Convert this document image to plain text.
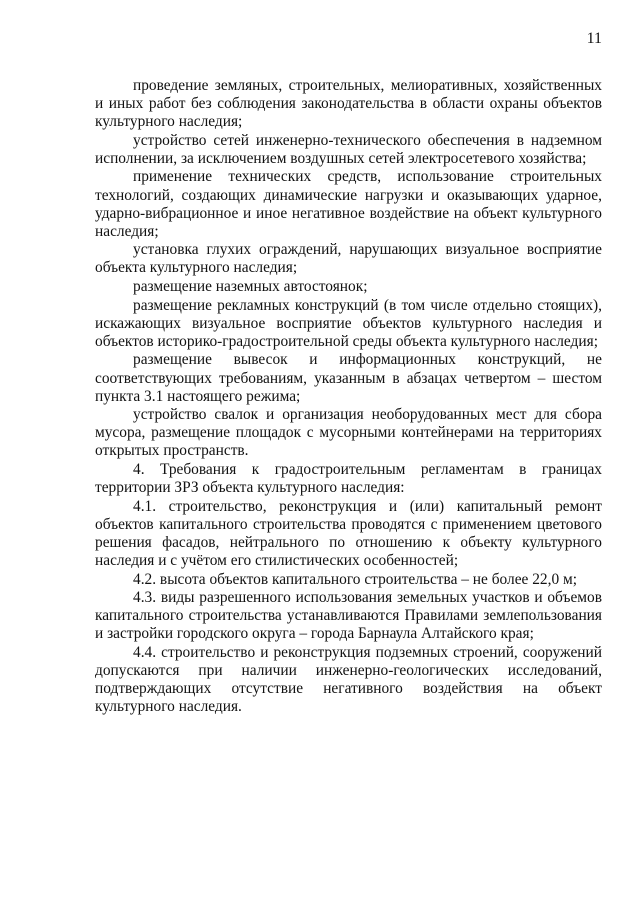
11

проведение земляных, строительных, мелиоративных, хозяйственных и иных работ без соблюдения законодательства в области охраны объектов культурного наследия;

устройство сетей инженерно-технического обеспечения в надземном исполнении, за исключением воздушных сетей электросетевого хозяйства;

применение технических средств, использование строительных технологий, создающих динамические нагрузки и оказывающих ударное, ударно-вибрационное и иное негативное воздействие на объект культурного наследия;

установка глухих ограждений, нарушающих визуальное восприятие объекта культурного наследия;

размещение наземных автостоянок;

размещение рекламных конструкций (в том числе отдельно стоящих), искажающих визуальное восприятие объектов культурного наследия и объектов историко-градостроительной среды объекта культурного наследия;

размещение вывесок и информационных конструкций, не соответствующих требованиям, указанным в абзацах четвертом – шестом пункта 3.1 настоящего режима;

устройство свалок и организация необорудованных мест для сбора мусора, размещение площадок с мусорными контейнерами на территориях открытых пространств.

4. Требования к градостроительным регламентам в границах территории ЗРЗ объекта культурного наследия:

4.1. строительство, реконструкция и (или) капитальный ремонт объектов капитального строительства проводятся с применением цветового решения фасадов, нейтрального по отношению к объекту культурного наследия и с учётом его стилистических особенностей;

4.2. высота объектов капитального строительства – не более 22,0 м;

4.3. виды разрешенного использования земельных участков и объемов капитального строительства устанавливаются Правилами землепользования и застройки городского округа – города Барнаула Алтайского края;

4.4. строительство и реконструкция подземных строений, сооружений допускаются при наличии инженерно-геологических исследований, подтверждающих отсутствие негативного воздействия на объект культурного наследия.
